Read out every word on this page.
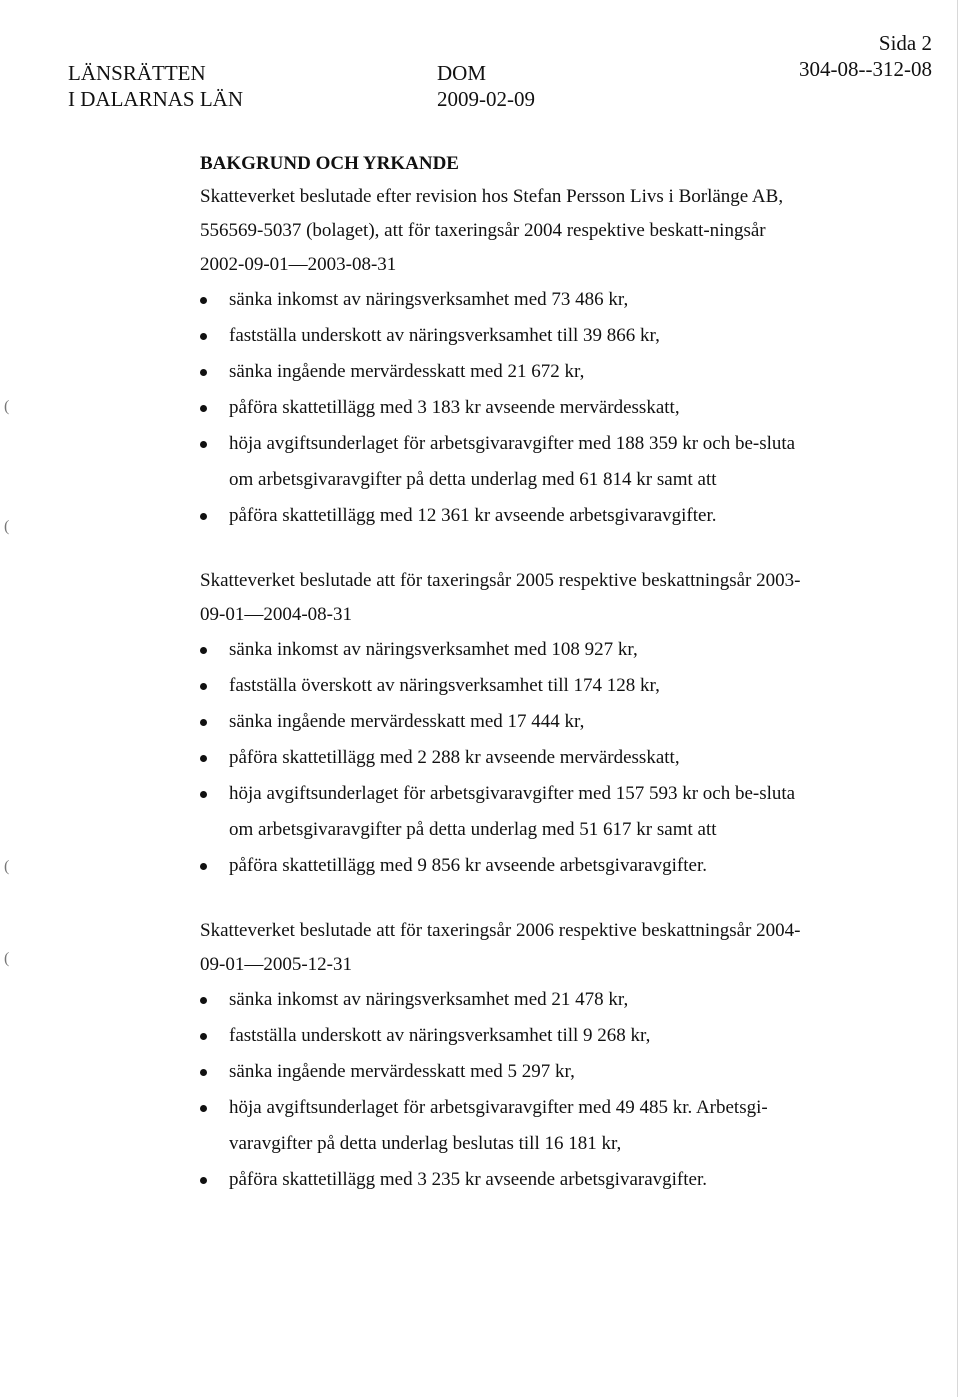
(
(
(
(
LÄNSRÄTTEN
I DALARNAS LÄN
DOM
2009-02-09
Sida 2
304-08--312-08
BAKGRUND OCH YRKANDE
Skatteverket beslutade efter revision hos Stefan Persson Livs i Borlänge AB, 556569-5037 (bolaget), att för taxeringsår 2004 respektive beskatt-ningsår 2002-09-01—2003-08-31
sänka inkomst av näringsverksamhet med 73 486 kr,
fastställa underskott av näringsverksamhet till 39 866 kr,
sänka ingående mervärdesskatt med 21 672 kr,
påföra skattetillägg med 3 183 kr avseende mervärdesskatt,
höja avgiftsunderlaget för arbetsgivaravgifter med 188 359 kr och be-sluta om arbetsgivaravgifter på detta underlag med 61 814 kr samt att
påföra skattetillägg med 12 361 kr avseende arbetsgivaravgifter.
Skatteverket beslutade att för taxeringsår 2005 respektive beskattningsår 2003-09-01—2004-08-31
sänka inkomst av näringsverksamhet med 108 927 kr,
fastställa överskott av näringsverksamhet till 174 128 kr,
sänka ingående mervärdesskatt med 17 444 kr,
påföra skattetillägg med 2 288 kr avseende mervärdesskatt,
höja avgiftsunderlaget för arbetsgivaravgifter med 157 593 kr och be-sluta om arbetsgivaravgifter på detta underlag med 51 617 kr samt att
påföra skattetillägg med 9 856 kr avseende arbetsgivaravgifter.
Skatteverket beslutade att för taxeringsår 2006 respektive beskattningsår 2004-09-01—2005-12-31
sänka inkomst av näringsverksamhet med 21 478 kr,
fastställa underskott av näringsverksamhet till 9 268 kr,
sänka ingående mervärdesskatt med 5 297 kr,
höja avgiftsunderlaget för arbetsgivaravgifter med 49 485 kr. Arbetsgi-varavgifter på detta underlag beslutas till 16 181 kr,
påföra skattetillägg med 3 235 kr avseende arbetsgivaravgifter.
